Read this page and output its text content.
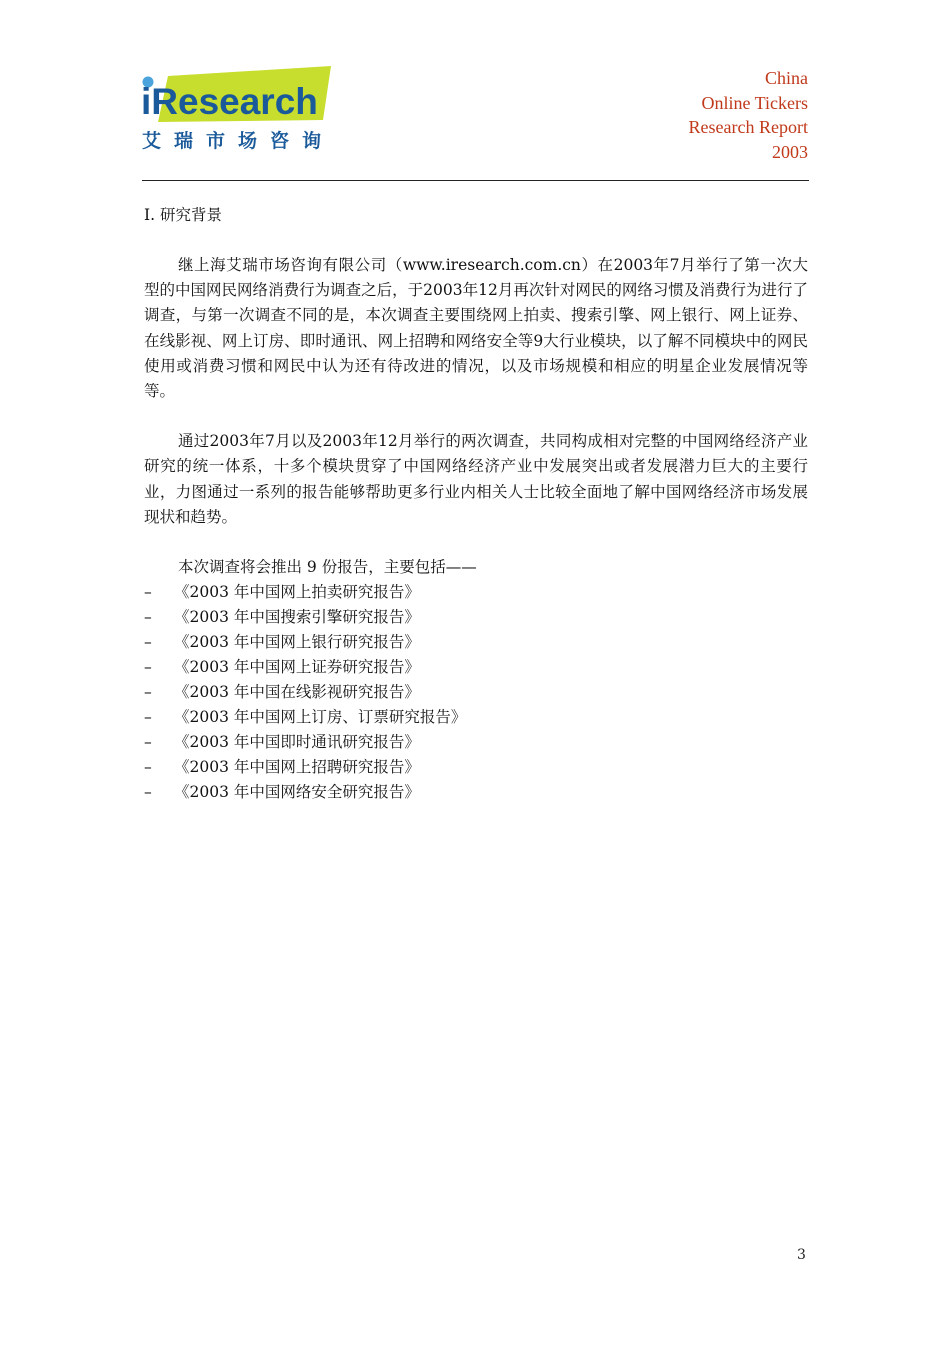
iResearch
艾瑞市场咨询
China
Online Tickers
Research Report
2003
I. 研究背景

继上海艾瑞市场咨询有限公司（www.iresearch.com.cn）在2003年7月举行了第一次大型的中国网民网络消费行为调查之后，于2003年12月再次针对网民的网络习惯及消费行为进行了调查，与第一次调查不同的是，本次调查主要围绕网上拍卖、搜索引擎、网上银行、网上证券、在线影视、网上订房、即时通讯、网上招聘和网络安全等9大行业模块，以了解不同模块中的网民使用或消费习惯和网民中认为还有待改进的情况，以及市场规模和相应的明星企业发展情况等等。

通过2003年7月以及2003年12月举行的两次调查，共同构成相对完整的中国网络经济产业研究的统一体系，十多个模块贯穿了中国网络经济产业中发展突出或者发展潜力巨大的主要行业，力图通过一系列的报告能够帮助更多行业内相关人士比较全面地了解中国网络经济市场发展现状和趋势。

本次调查将会推出 9 份报告，主要包括——

– 《2003 年中国网上拍卖研究报告》
– 《2003 年中国搜索引擎研究报告》
– 《2003 年中国网上银行研究报告》
– 《2003 年中国网上证券研究报告》
– 《2003 年中国在线影视研究报告》
– 《2003 年中国网上订房、订票研究报告》
– 《2003 年中国即时通讯研究报告》
– 《2003 年中国网上招聘研究报告》
– 《2003 年中国网络安全研究报告》
3
